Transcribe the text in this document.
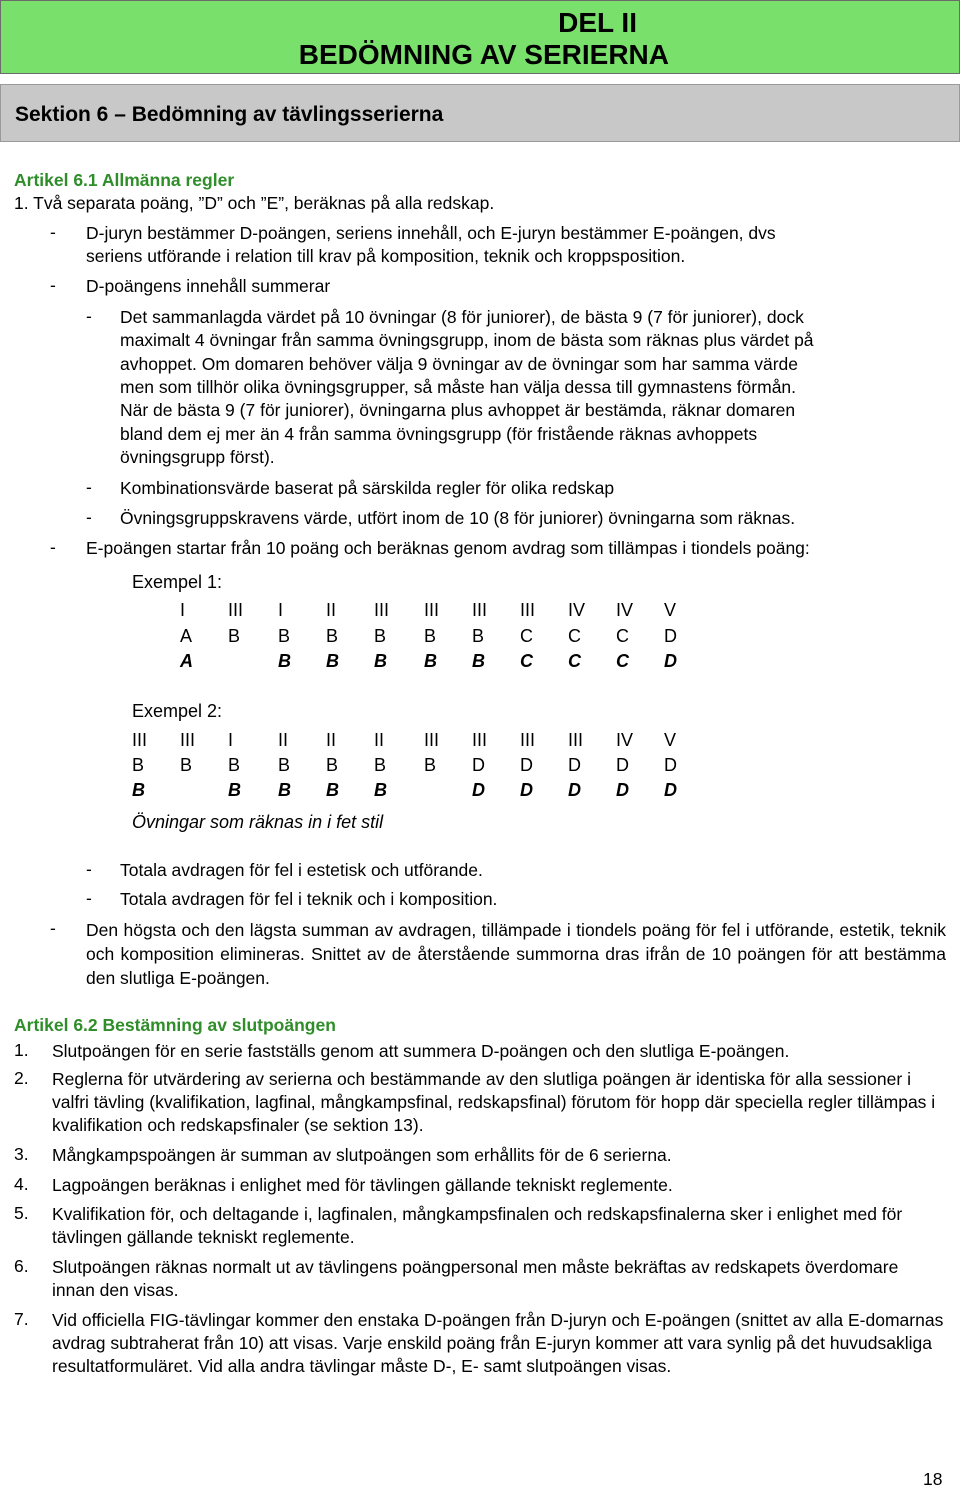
DEL II
BEDÖMNING AV SERIERNA
Sektion 6 – Bedömning av tävlingsserierna
Artikel 6.1 Allmänna regler
1. Två separata poäng, ”D” och ”E”, beräknas på alla redskap.
- D-juryn bestämmer D-poängen, seriens innehåll, och E-juryn bestämmer E-poängen, dvs
seriens utförande i relation till krav på komposition, teknik och kroppsposition.
- D-poängens innehåll summerar
- Det sammanlagda värdet på 10 övningar (8 för juniorer), de bästa 9 (7 för juniorer), dock
maximalt 4 övningar från samma övningsgrupp, inom de bästa som räknas plus värdet på
avhoppet. Om domaren behöver välja 9 övningar av de övningar som har samma värde
men som tillhör olika övningsgrupper, så måste han välja dessa till gymnastens förmån.
När de bästa 9 (7 för juniorer), övningarna plus avhoppet är bestämda, räknar domaren
bland dem ej mer än 4 från samma övningsgrupp (för fristående räknas avhoppets
övningsgrupp först).
- Kombinationsvärde baserat på särskilda regler för olika redskap
- Övningsgruppskravens värde, utfört inom de 10 (8 för juniorer) övningarna som räknas.
- E-poängen startar från 10 poäng och beräknas genom avdrag som tillämpas i tiondels poäng:
Exempel 1:
I III I II III III III III IV IV V
A B B B B B B C C C D
A	B B B B B C C C D
Exempel 2:
III III I II II II III III III III IV V
B B B B B B B D D D D D
B	B B B B	D D D D D
Övningar som räknas in i fet stil
- Totala avdragen för fel i estetisk och utförande.
- Totala avdragen för fel i teknik och i komposition.
- Den högsta och den lägsta summan av avdragen, tillämpade i tiondels poäng för fel i utförande, estetik, teknik och komposition elimineras. Snittet av de återstående summorna dras ifrån de 10 poängen för att bestämma den slutliga E-poängen.
Artikel 6.2 Bestämning av slutpoängen
1. Slutpoängen för en serie fastställs genom att summera D-poängen och den slutliga E-poängen.
2. Reglerna för utvärdering av serierna och bestämmande av den slutliga poängen är identiska för alla sessioner i valfri tävling (kvalifikation, lagfinal, mångkampsfinal, redskapsfinal) förutom för hopp där speciella regler tillämpas i kvalifikation och redskapsfinaler (se sektion 13).
3. Mångkampspoängen är summan av slutpoängen som erhållits för de 6 serierna.
4. Lagpoängen beräknas i enlighet med för tävlingen gällande tekniskt reglemente.
5. Kvalifikation för, och deltagande i, lagfinalen, mångkampsfinalen och redskapsfinalerna sker i enlighet med för tävlingen gällande tekniskt reglemente.
6. Slutpoängen räknas normalt ut av tävlingens poängpersonal men måste bekräftas av redskapets överdomare innan den visas.
7. Vid officiella FIG-tävlingar kommer den enstaka D-poängen från D-juryn och E-poängen (snittet av alla E-domarnas avdrag subtraherat från 10) att visas. Varje enskild poäng från E-juryn kommer att vara synlig på det huvudsakliga resultatformuläret. Vid alla andra tävlingar måste D-, E- samt slutpoängen visas.
18
